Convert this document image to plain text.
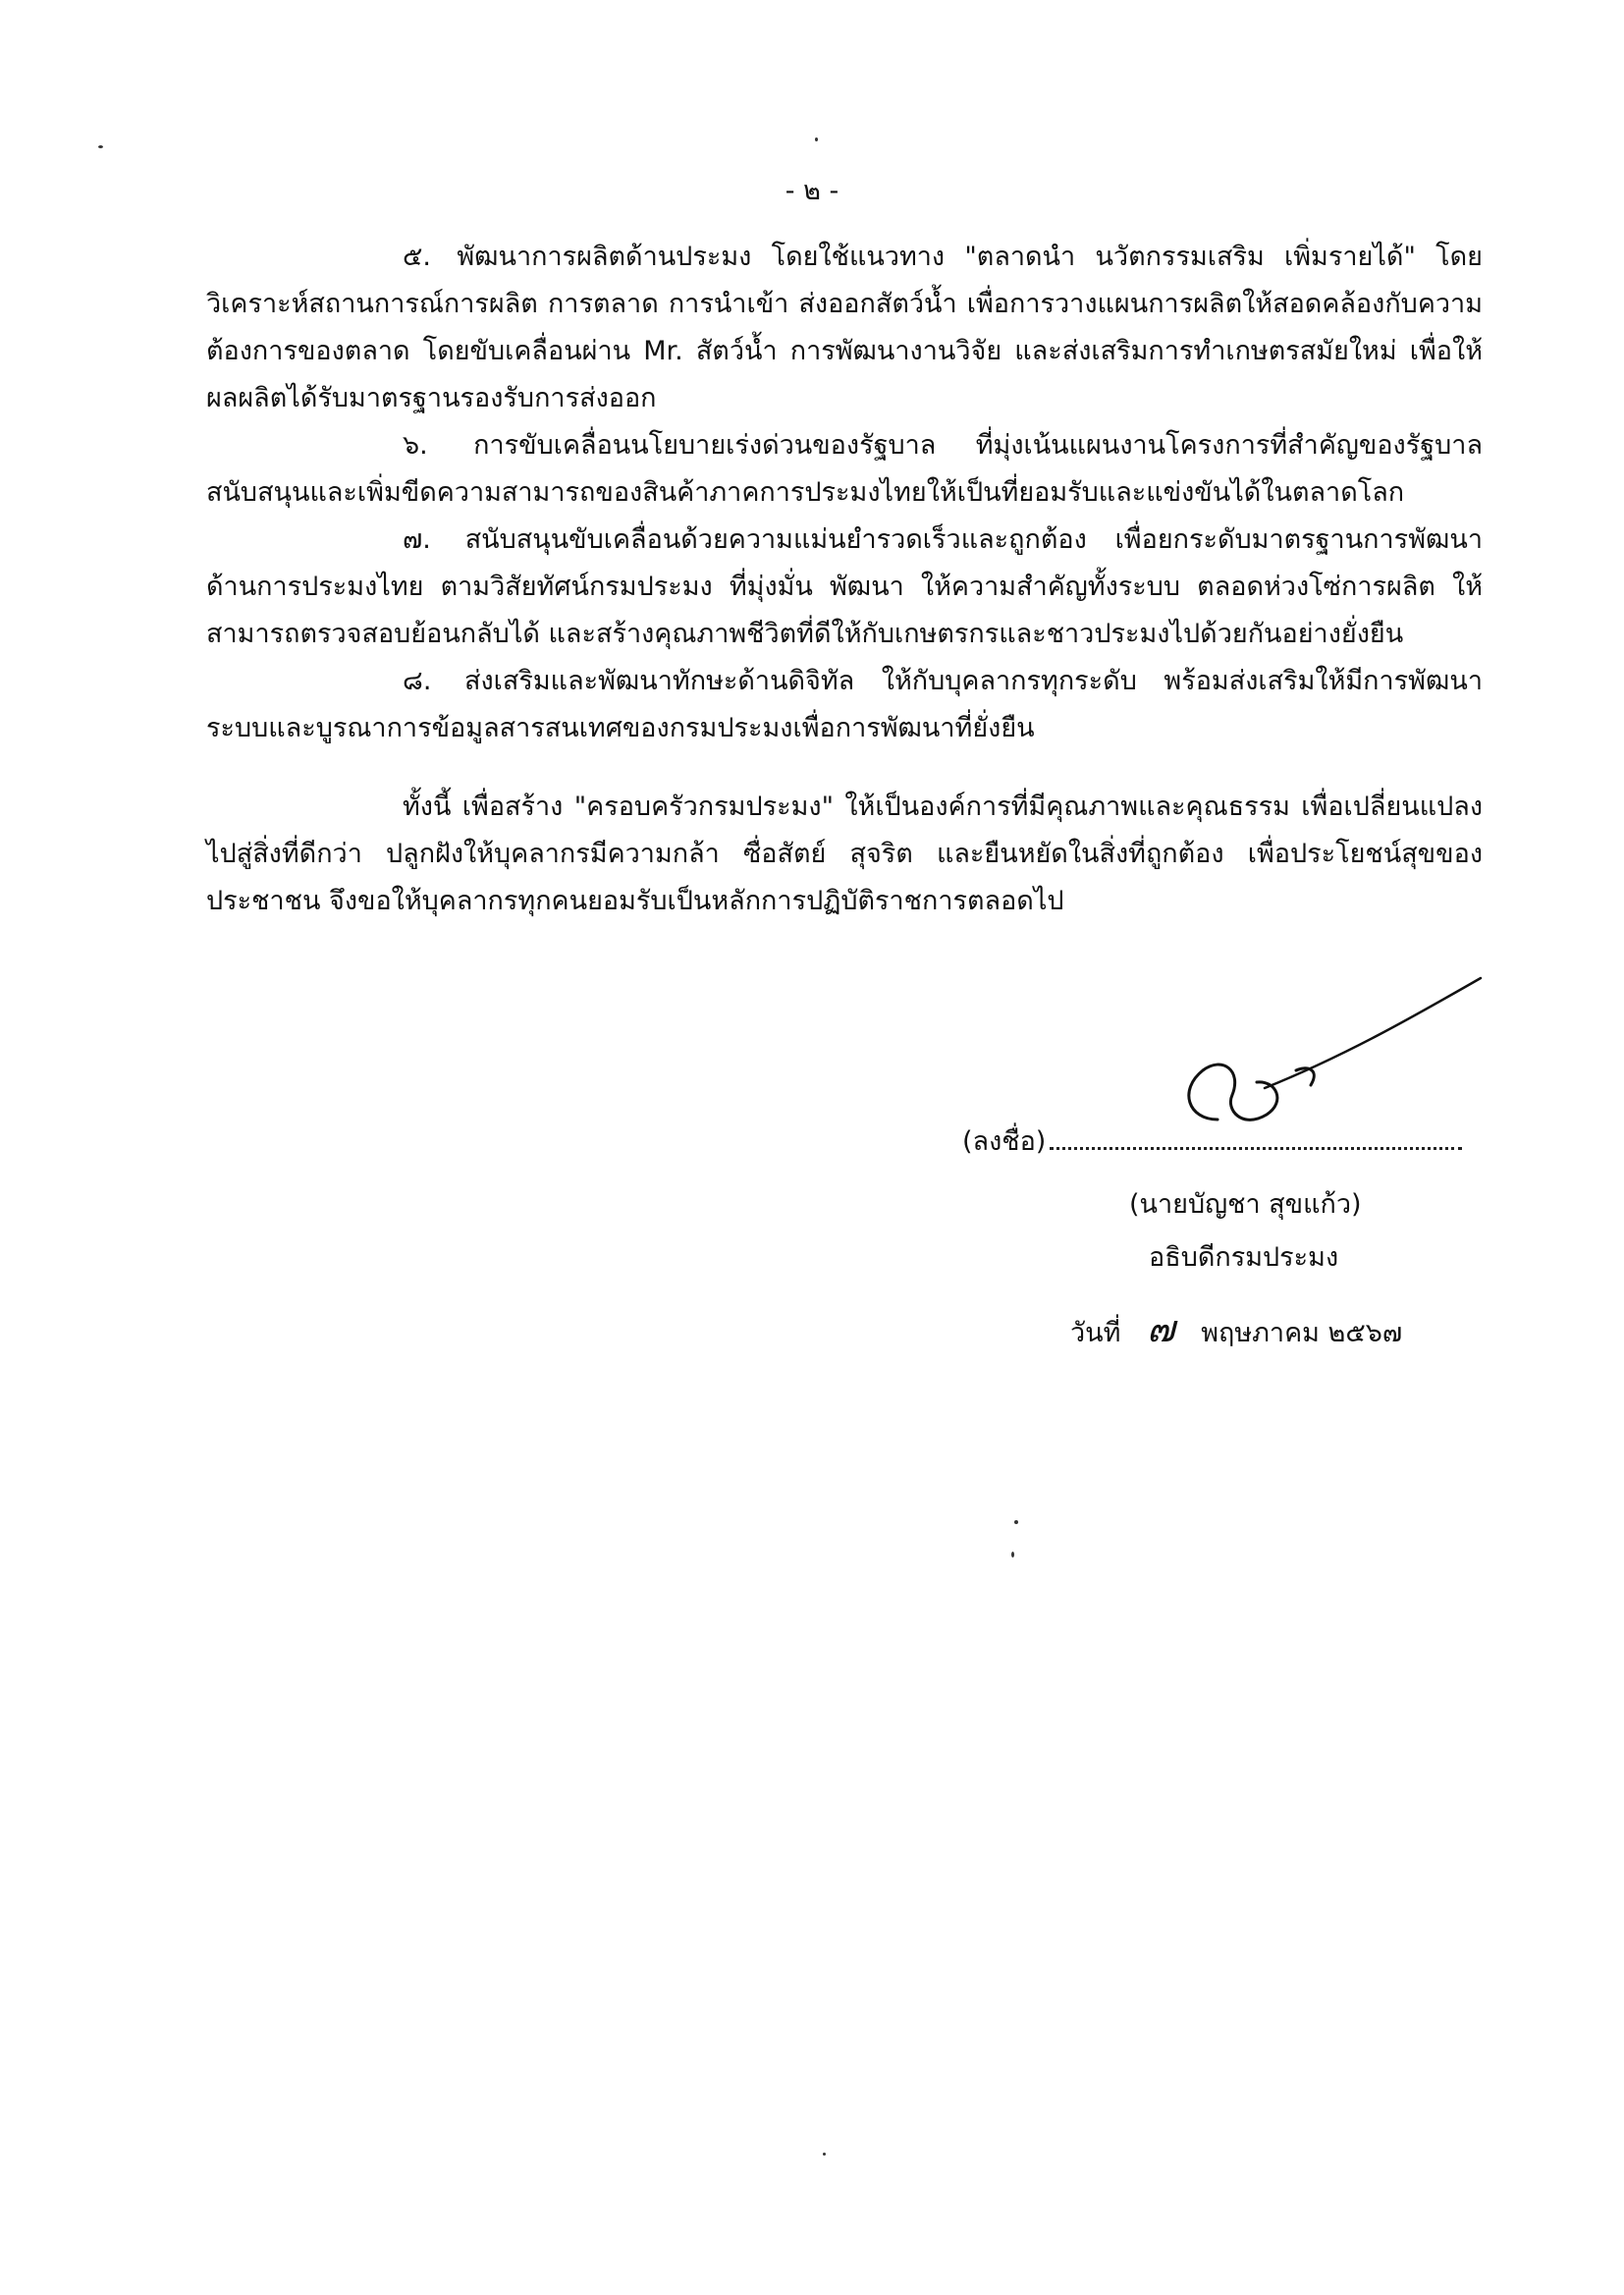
- ๒ -

๕. พัฒนาการผลิตด้านประมง โดยใช้แนวทาง "ตลาดนำ นวัตกรรมเสริม เพิ่มรายได้" โดยวิเคราะห์สถานการณ์การผลิต การตลาด การนำเข้า ส่งออกสัตว์น้ำ เพื่อการวางแผนการผลิตให้สอดคล้องกับความต้องการของตลาด โดยขับเคลื่อนผ่าน Mr. สัตว์น้ำ การพัฒนางานวิจัย และส่งเสริมการทำเกษตรสมัยใหม่ เพื่อให้ผลผลิตได้รับมาตรฐานรองรับการส่งออก

๖. การขับเคลื่อนนโยบายเร่งด่วนของรัฐบาล ที่มุ่งเน้นแผนงานโครงการที่สำคัญของรัฐบาล สนับสนุนและเพิ่มขีดความสามารถของสินค้าภาคการประมงไทยให้เป็นที่ยอมรับและแข่งขันได้ในตลาดโลก

๗. สนับสนุนขับเคลื่อนด้วยความแม่นยำรวดเร็วและถูกต้อง เพื่อยกระดับมาตรฐานการพัฒนาด้านการประมงไทย ตามวิสัยทัศน์กรมประมง ที่มุ่งมั่น พัฒนา ให้ความสำคัญทั้งระบบ ตลอดห่วงโซ่การผลิต ให้สามารถตรวจสอบย้อนกลับได้ และสร้างคุณภาพชีวิตที่ดีให้กับเกษตรกรและชาวประมงไปด้วยกันอย่างยั่งยืน

๘. ส่งเสริมและพัฒนาทักษะด้านดิจิทัล ให้กับบุคลากรทุกระดับ พร้อมส่งเสริมให้มีการพัฒนาระบบและบูรณาการข้อมูลสารสนเทศของกรมประมงเพื่อการพัฒนาที่ยั่งยืน

ทั้งนี้ เพื่อสร้าง "ครอบครัวกรมประมง" ให้เป็นองค์การที่มีคุณภาพและคุณธรรม เพื่อเปลี่ยนแปลงไปสู่สิ่งที่ดีกว่า ปลูกฝังให้บุคลากรมีความกล้า ซื่อสัตย์ สุจริต และยืนหยัดในสิ่งที่ถูกต้อง เพื่อประโยชน์สุขของประชาชน จึงขอให้บุคลากรทุกคนยอมรับเป็นหลักการปฏิบัติราชการตลอดไป

(ลงชื่อ)
(นายบัญชา สุขแก้ว)
อธิบดีกรมประมง
วันที่ ๗ พฤษภาคม ๒๕๖๗
